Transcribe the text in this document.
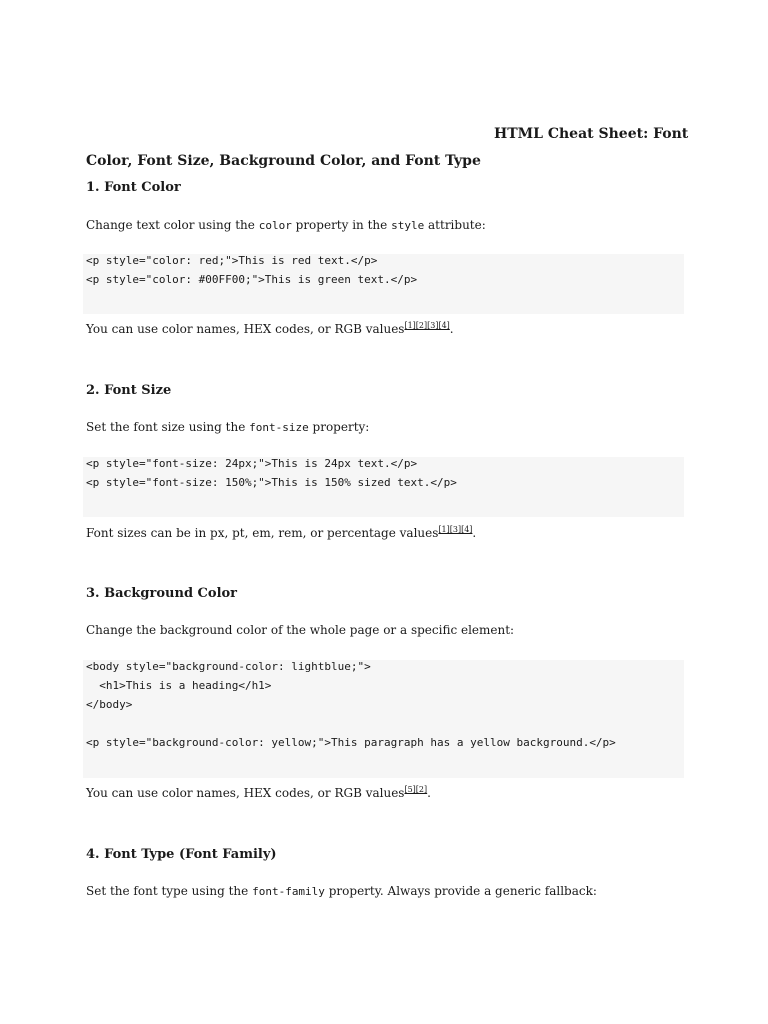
HTML Cheat Sheet: Font
Color, Font Size, Background Color, and Font Type
1. Font Color
Change text color using the color property in the style attribute:
<p style="color: red;">This is red text.</p>
<p style="color: #00FF00;">This is green text.</p>
You can use color names, HEX codes, or RGB values[1][2][3][4].
2. Font Size
Set the font size using the font-size property:
<p style="font-size: 24px;">This is 24px text.</p>
<p style="font-size: 150%;">This is 150% sized text.</p>
Font sizes can be in px, pt, em, rem, or percentage values[1][3][4].
3. Background Color
Change the background color of the whole page or a specific element:
<body style="background-color: lightblue;">
<h1>This is a heading</h1>
</body>
<p style="background-color: yellow;">This paragraph has a yellow background.</p>
You can use color names, HEX codes, or RGB values[5][2].
4. Font Type (Font Family)
Set the font type using the font-family property. Always provide a generic fallback:
